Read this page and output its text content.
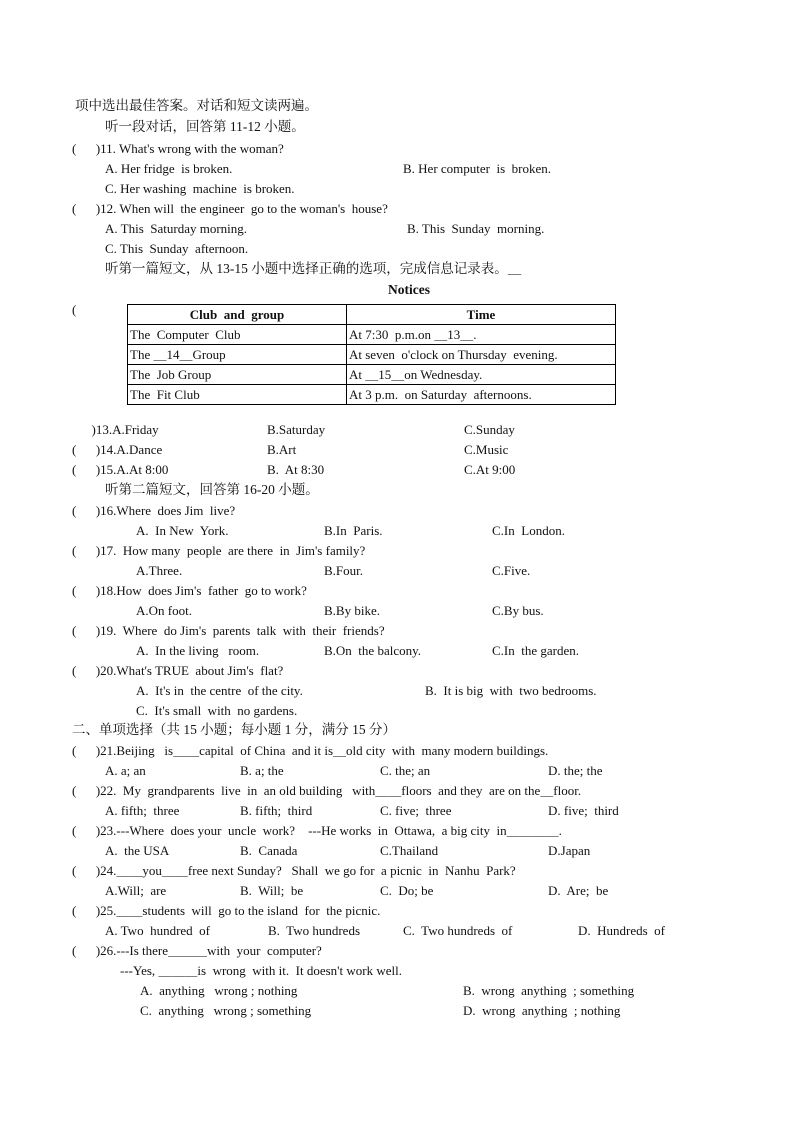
项中选出最佳答案。对话和短文读两遍。
听一段对话，回答第 11-12 小题。
(      )11. What's wrong with the woman?
A. Her fridge  is broken.	B. Her computer  is  broken.
C. Her washing  machine  is broken.
(      )12. When will  the engineer  go to the woman's  house?
A. This  Saturday morning.	B. This  Sunday  morning.
C. This  Sunday  afternoon.
听第一篇短文，从 13-15 小题中选择正确的选项，完成信息记录表。＿
Notices
(	Club  and  group	Time
The  Computer  Club	At 7:30  p.m.on ＿13＿.
The ＿14＿Group	At seven  o'clock on Thursday  evening.
The  Job Group	At ＿15＿on Wednesday.
The  Fit Club	At 3 p.m.  on Saturday  afternoons.
)13.A.Friday	B.Saturday	C.Sunday
(      )14.A.Dance	B.Art	C.Music
(      )15.A.At 8:00	B.  At 8:30	C.At 9:00
听第二篇短文，回答第 16-20 小题。
(      )16.Where  does Jim  live?
A.  In New  York.	B.In  Paris.	C.In  London.
(      )17.  How many  people  are there  in  Jim's family?
A.Three.	B.Four.	C.Five.
(      )18.How  does Jim's  father  go to work?
A.On foot.	B.By bike.	C.By bus.
(      )19.  Where  do Jim's  parents  talk  with  their  friends?
A.  In the living   room.	B.On  the balcony.	C.In  the garden.
(      )20.What's TRUE  about Jim's  flat?
A.  It's in  the centre  of the city.	B.  It is big  with  two bedrooms.
C.  It's small  with  no gardens.
二、单项选择（共 15 小题；每小题 1 分，满分 15 分）
(      )21.Beijing   is＿＿capital  of China  and it is＿old city  with  many modern buildings.
A. a; an	B. a; the	C. the; an	D. the; the
(      )22.  My  grandparents  live  in  an old building   with＿＿floors  and they  are on the＿floor.
A. fifth;  three	B. fifth;  third	C. five;  three	D. five;  third
(      )23.---Where  does your  uncle  work?    ---He works  in  Ottawa,  a big city  in＿＿＿＿.
A.  the USA	B.  Canada	C.Thailand	D.Japan
(      )24.＿＿you＿＿free next Sunday?   Shall  we go for  a picnic  in  Nanhu  Park?
A.Will;  are	B.  Will;  be	C.  Do; be	D.  Are;  be
(      )25.＿＿students  will  go to the island  for  the picnic.
A. Two  hundred  of	B.  Two hundreds	C.  Two hundreds  of	D.  Hundreds  of
(      )26.---Is there＿＿＿with  your  computer?
---Yes, ＿＿＿is  wrong  with it.  It doesn't work well.
A.  anything   wrong ; nothing	B.  wrong  anything  ; something
C.  anything   wrong ; something	D.  wrong  anything  ; nothing
